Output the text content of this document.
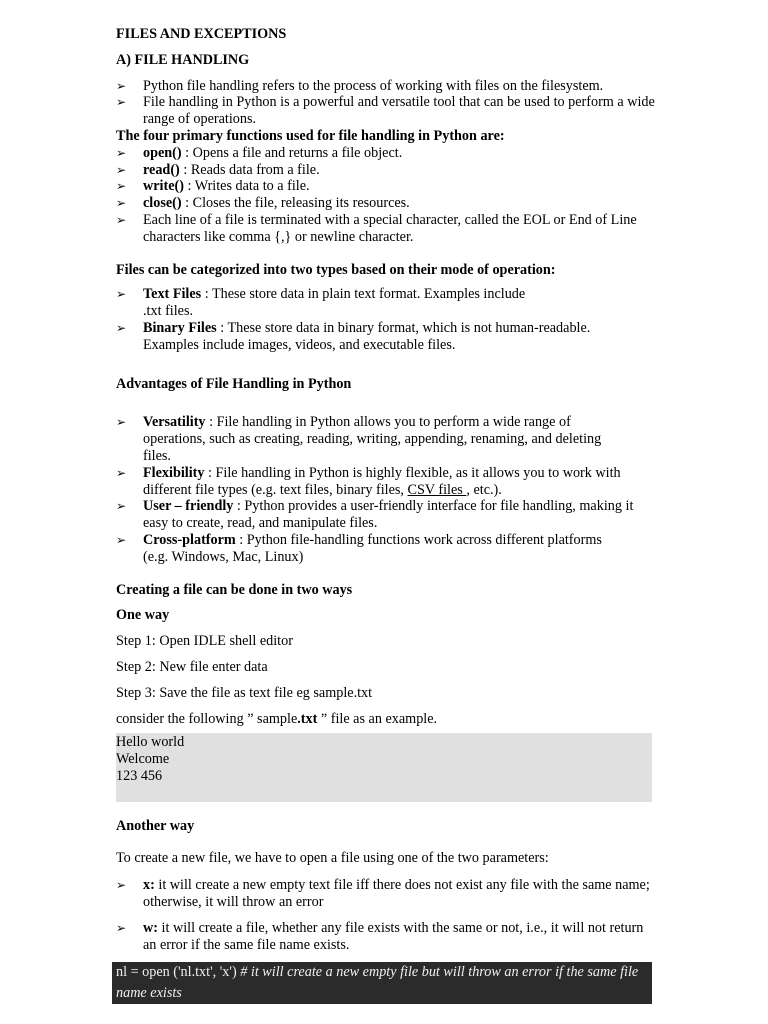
FILES AND EXCEPTIONS
A) FILE HANDLING
➢ Python file handling refers to the process of working with files on the filesystem.
➢ File handling in Python is a powerful and versatile tool that can be used to perform a wide range of operations.
The four primary functions used for file handling in Python are:
➢ open() : Opens a file and returns a file object.
➢ read() : Reads data from a file.
➢ write() : Writes data to a file.
➢ close() : Closes the file, releasing its resources.
➢ Each line of a file is terminated with a special character, called the EOL or End of Line characters like comma {,} or newline character.
Files can be categorized into two types based on their mode of operation:
➢ Text Files : These store data in plain text format. Examples include .txt files.
➢ Binary Files : These store data in binary format, which is not human-readable. Examples include images, videos, and executable files.
Advantages of File Handling in Python
➢ Versatility : File handling in Python allows you to perform a wide range of operations, such as creating, reading, writing, appending, renaming, and deleting files.
➢ Flexibility : File handling in Python is highly flexible, as it allows you to work with different file types (e.g. text files, binary files, CSV files , etc.).
➢ User – friendly : Python provides a user-friendly interface for file handling, making it easy to create, read, and manipulate files.
➢ Cross-platform : Python file-handling functions work across different platforms (e.g. Windows, Mac, Linux)
Creating a file can be done in two ways
One way
Step 1: Open IDLE shell editor
Step 2: New file enter data
Step 3: Save the file as text file eg sample.txt
consider the following ” sample.txt ” file as an example.
Hello world
Welcome
123 456
Another way
To create a new file, we have to open a file using one of the two parameters:
➢ x: it will create a new empty text file iff there does not exist any file with the same name; otherwise, it will throw an error
➢ w: it will create a file, whether any file exists with the same or not, i.e., it will not return an error if the same file name exists.
nl = open ('nl.txt', 'x') # it will create a new empty file but will throw an error if the same file name exists
